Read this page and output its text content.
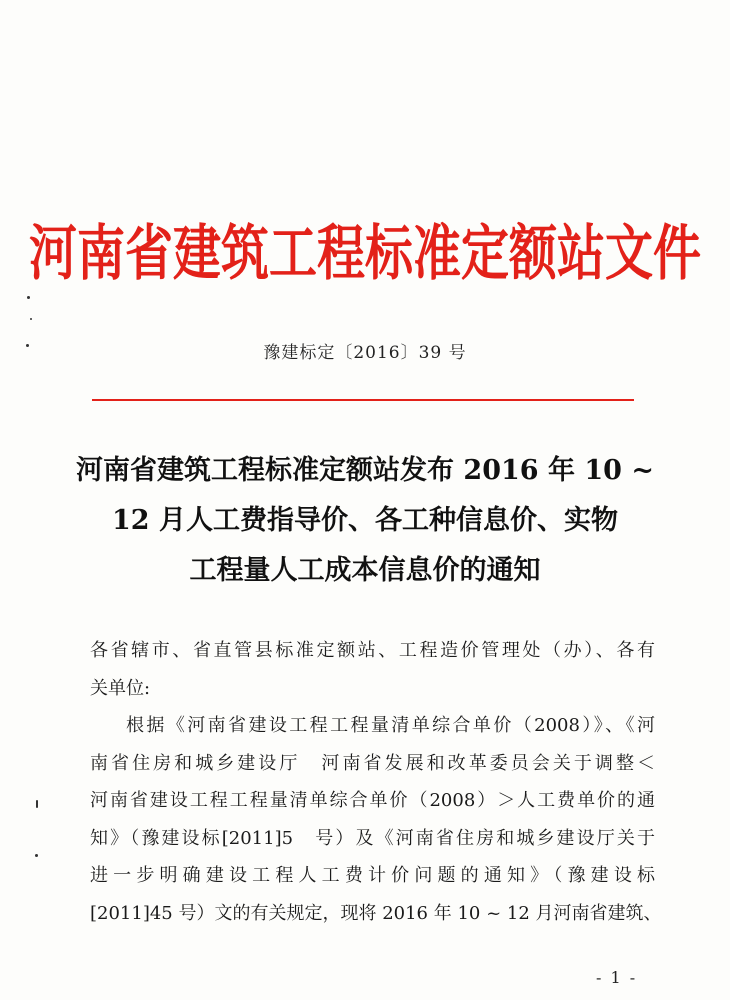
河南省建筑工程标准定额站文件
豫建标定〔2016〕39 号
河南省建筑工程标准定额站发布 2016 年 10 ~
12 月人工费指导价、各工种信息价、实物
工程量人工成本信息价的通知
各省辖市、省直管县标准定额站、工程造价管理处（办）、各有
关单位:
根据《河南省建设工程工程量清单综合单价（2008）》、《河
南省住房和城乡建设厅　河南省发展和改革委员会关于调整＜
河南省建设工程工程量清单综合单价（2008）＞人工费单价的通
知》（豫建设标[2011]5　号）及《河南省住房和城乡建设厅关于
进一步明确建设工程人工费计价问题的通知》（豫建设标
[2011]45 号）文的有关规定，现将 2016 年 10 ~ 12 月河南省建筑、
- 1 -
